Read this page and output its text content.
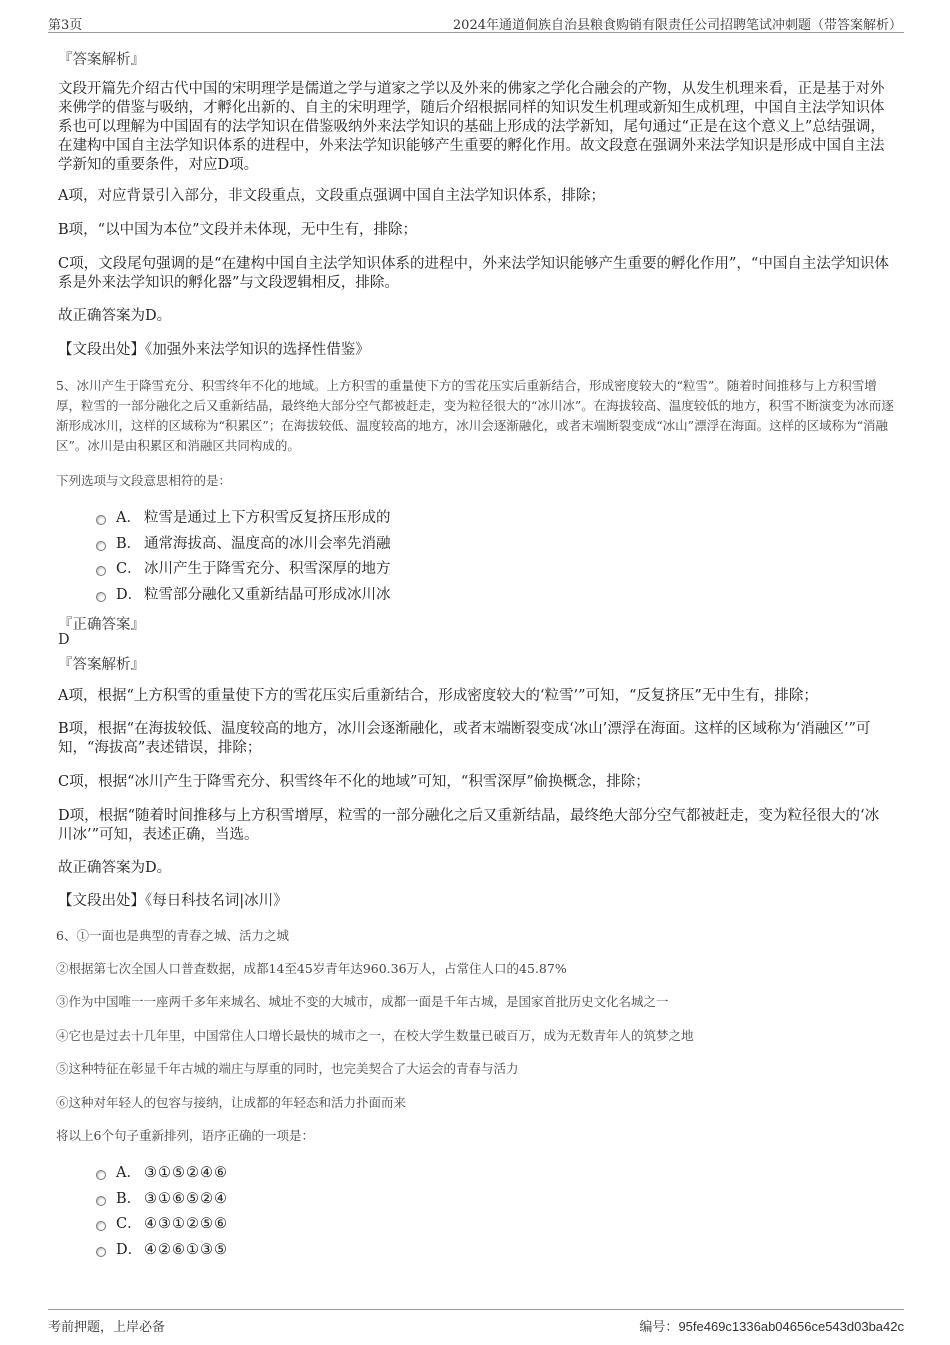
第3页	2024年通道侗族自治县粮食购销有限责任公司招聘笔试冲刺题（带答案解析）
『答案解析』
文段开篇先介绍古代中国的宋明理学是儒道之学与道家之学以及外来的佛家之学化合融会的产物，从发生机理来看，正是基于对外来佛学的借鉴与吸纳，才孵化出新的、自主的宋明理学，随后介绍根据同样的知识发生机理或新知生成机理，中国自主法学知识体系也可以理解为中国固有的法学知识在借鉴吸纳外来法学知识的基础上形成的法学新知，尾句通过“正是在这个意义上”总结强调，在建构中国自主法学知识体系的进程中，外来法学知识能够产生重要的孵化作用。故文段意在强调外来法学知识是形成中国自主法学新知的重要条件，对应D项。
A项，对应背景引入部分，非文段重点，文段重点强调中国自主法学知识体系，排除；
B项，“以中国为本位”文段并未体现，无中生有，排除；
C项，文段尾句强调的是“在建构中国自主法学知识体系的进程中，外来法学知识能够产生重要的孵化作用”，“中国自主法学知识体系是外来法学知识的孵化器”与文段逻辑相反，排除。
故正确答案为D。
【文段出处】《加强外来法学知识的选择性借鉴》
5、冰川产生于降雪充分、积雪终年不化的地域。上方积雪的重量使下方的雪花压实后重新结合，形成密度较大的“粒雪”。随着时间推移与上方积雪增厚，粒雪的一部分融化之后又重新结晶，最终绝大部分空气都被赶走，变为粒径很大的“冰川冰”。在海拔较高、温度较低的地方，积雪不断演变为冰而逐渐形成冰川，这样的区域称为“积累区”；在海拔较低、温度较高的地方，冰川会逐渐融化，或者末端断裂变成“冰山”漂浮在海面。这样的区域称为“消融区”。冰川是由积累区和消融区共同构成的。
下列选项与文段意思相符的是：
A． 粒雪是通过上下方积雪反复挤压形成的
B． 通常海拔高、温度高的冰川会率先消融
C． 冰川产生于降雪充分、积雪深厚的地方
D． 粒雪部分融化又重新结晶可形成冰川冰
『正确答案』
D
『答案解析』
A项，根据“上方积雪的重量使下方的雪花压实后重新结合，形成密度较大的‘粒雪’”可知，“反复挤压”无中生有，排除；
B项，根据“在海拔较低、温度较高的地方，冰川会逐渐融化，或者末端断裂变成‘冰山’漂浮在海面。这样的区域称为‘消融区’”可知，“海拔高”表述错误，排除；
C项，根据“冰川产生于降雪充分、积雪终年不化的地域”可知，“积雪深厚”偷换概念，排除；
D项，根据“随着时间推移与上方积雪增厚，粒雪的一部分融化之后又重新结晶，最终绝大部分空气都被赶走，变为粒径很大的‘冰川冰’”可知，表述正确，当选。
故正确答案为D。
【文段出处】《每日科技名词|冰川》
6、①一面也是典型的青春之城、活力之城
②根据第七次全国人口普查数据，成都14至45岁青年达960.36万人，占常住人口的45.87%
③作为中国唯一一座两千多年来城名、城址不变的大城市，成都一面是千年古城，是国家首批历史文化名城之一
④它也是过去十几年里，中国常住人口增长最快的城市之一，在校大学生数量已破百万，成为无数青年人的筑梦之地
⑤这种特征在彰显千年古城的端庄与厚重的同时，也完美契合了大运会的青春与活力
⑥这种对年轻人的包容与接纳，让成都的年轻态和活力扑面而来
将以上6个句子重新排列，语序正确的一项是：
A． ③①⑤②④⑥
B． ③①⑥⑤②④
C． ④③①②⑤⑥
D． ④②⑥①③⑤
考前押题，上岸必备	编号：95fe469c1336ab04656ce543d03ba42c
